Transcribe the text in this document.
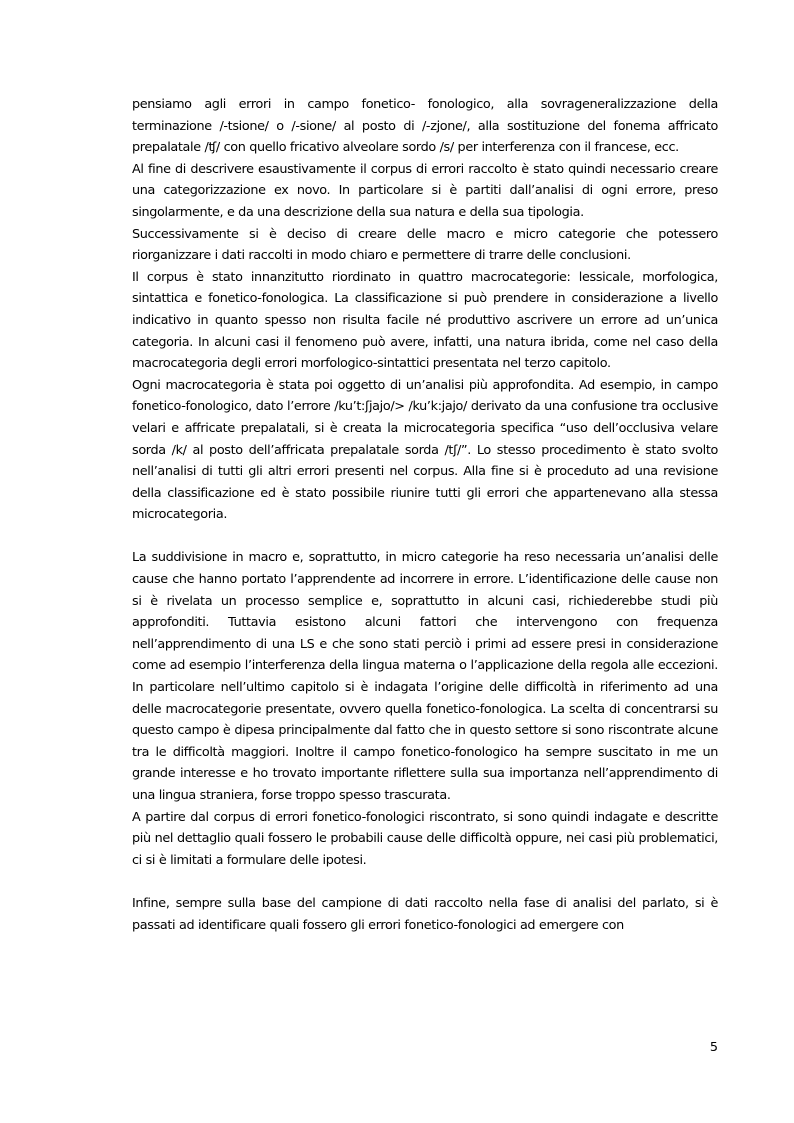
pensiamo agli errori in campo fonetico- fonologico, alla sovrageneralizzazione della terminazione /-tsione/ o /-sione/ al posto di /-zjone/, alla sostituzione del fonema affricato prepalatale /ʧ/ con quello fricativo alveolare sordo /s/ per interferenza con il francese, ecc.

Al fine di descrivere esaustivamente il corpus di errori raccolto è stato quindi necessario creare una categorizzazione ex novo. In particolare si è partiti dall’analisi di ogni errore, preso singolarmente, e da una descrizione della sua natura e della sua tipologia.

Successivamente si è deciso di creare delle macro e micro categorie che potessero riorganizzare i dati raccolti in modo chiaro e permettere di trarre delle conclusioni.

Il corpus è stato innanzitutto riordinato in quattro macrocategorie: lessicale, morfologica, sintattica e fonetico-fonologica. La classificazione si può prendere in considerazione a livello indicativo in quanto spesso non risulta facile né produttivo ascrivere un errore ad un’unica categoria. In alcuni casi il fenomeno può avere, infatti, una natura ibrida, come nel caso della macrocategoria degli errori morfologico-sintattici presentata nel terzo capitolo.

Ogni macrocategoria è stata poi oggetto di un’analisi più approfondita. Ad esempio, in campo fonetico-fonologico, dato l’errore /ku’t:ʃjajo/> /ku’k:jajo/ derivato da una confusione tra occlusive velari e affricate prepalatali, si è creata la microcategoria specifica “uso dell’occlusiva velare sorda /k/ al posto dell’affricata prepalatale sorda /tʃ/”. Lo stesso procedimento è stato svolto nell’analisi di tutti gli altri errori presenti nel corpus. Alla fine si è proceduto ad una revisione della classificazione ed è stato possibile riunire tutti gli errori che appartenevano alla stessa microcategoria.

La suddivisione in macro e, soprattutto, in micro categorie ha reso necessaria un’analisi delle cause che hanno portato l’apprendente ad incorrere in errore. L’identificazione delle cause non si è rivelata un processo semplice e, soprattutto in alcuni casi, richiederebbe studi più approfonditi. Tuttavia esistono alcuni fattori che intervengono con frequenza nell’apprendimento di una LS e che sono stati perciò i primi ad essere presi in considerazione come ad esempio l’interferenza della lingua materna o l’applicazione della regola alle eccezioni. In particolare nell’ultimo capitolo si è indagata l’origine delle difficoltà in riferimento ad una delle macrocategorie presentate, ovvero quella fonetico-fonologica. La scelta di concentrarsi su questo campo è dipesa principalmente dal fatto che in questo settore si sono riscontrate alcune tra le difficoltà maggiori. Inoltre il campo fonetico-fonologico ha sempre suscitato in me un grande interesse e ho trovato importante riflettere sulla sua importanza nell’apprendimento di una lingua straniera, forse troppo spesso trascurata.

A partire dal corpus di errori fonetico-fonologici riscontrato, si sono quindi indagate e descritte più nel dettaglio quali fossero le probabili cause delle difficoltà oppure, nei casi più problematici, ci si è limitati a formulare delle ipotesi.

Infine, sempre sulla base del campione di dati raccolto nella fase di analisi del parlato, si è passati ad identificare quali fossero gli errori fonetico-fonologici ad emergere con

5
